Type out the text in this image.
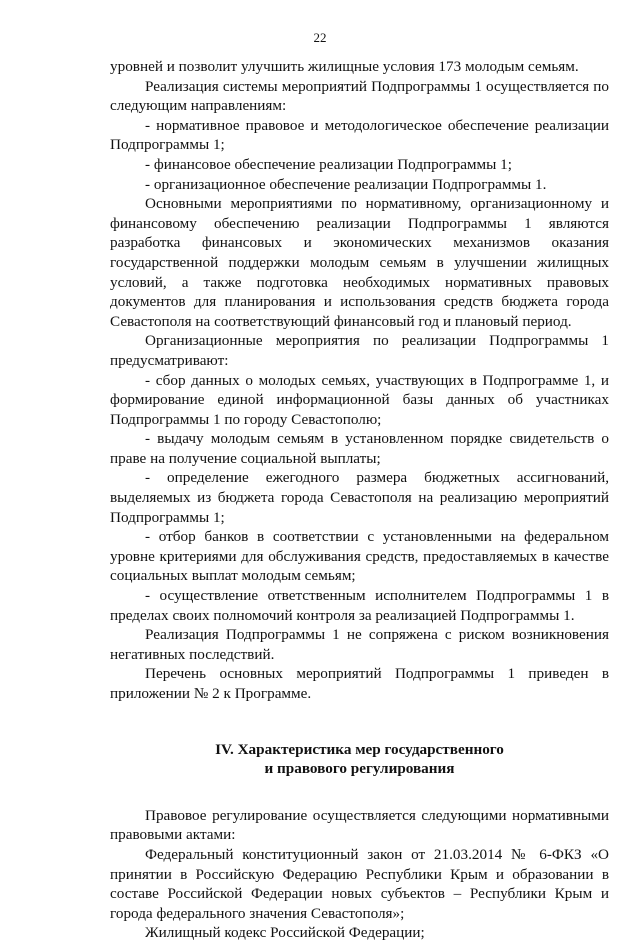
22

уровней и позволит улучшить жилищные условия 173 молодым семьям.

Реализация системы мероприятий Подпрограммы 1 осуществляется по следующим направлениям:

- нормативное правовое и методологическое обеспечение реализации Подпрограммы 1;

- финансовое обеспечение реализации Подпрограммы 1;

- организационное обеспечение реализации Подпрограммы 1.

Основными мероприятиями по нормативному, организационному и финансовому обеспечению реализации Подпрограммы 1 являются разработка финансовых и экономических механизмов оказания государственной поддержки молодым семьям в улучшении жилищных условий, а также подготовка необходимых нормативных правовых документов для планирования и использования средств бюджета города Севастополя на соответствующий финансовый год и плановый период.

Организационные мероприятия по реализации Подпрограммы 1 предусматривают:

- сбор данных о молодых семьях, участвующих в Подпрограмме 1, и формирование единой информационной базы данных об участниках Подпрограммы 1 по городу Севастополю;

- выдачу молодым семьям в установленном порядке свидетельств о праве на получение социальной выплаты;

- определение ежегодного размера бюджетных ассигнований, выделяемых из бюджета города Севастополя на реализацию мероприятий Подпрограммы 1;

- отбор банков в соответствии с установленными на федеральном уровне критериями для обслуживания средств, предоставляемых в качестве социальных выплат молодым семьям;

- осуществление ответственным исполнителем Подпрограммы 1 в пределах своих полномочий контроля за реализацией Подпрограммы 1.

Реализация Подпрограммы 1 не сопряжена с риском возникновения негативных последствий.

Перечень основных мероприятий Подпрограммы 1 приведен в приложении № 2 к Программе.

IV. Характеристика мер государственного
и правового регулирования

Правовое регулирование осуществляется следующими нормативными правовыми актами:

Федеральный конституционный закон от 21.03.2014 № 6-ФКЗ «О принятии в Российскую Федерацию Республики Крым и образовании в составе Российской Федерации новых субъектов – Республики Крым и города федерального значения Севастополя»;

Жилищный кодекс Российской Федерации;
